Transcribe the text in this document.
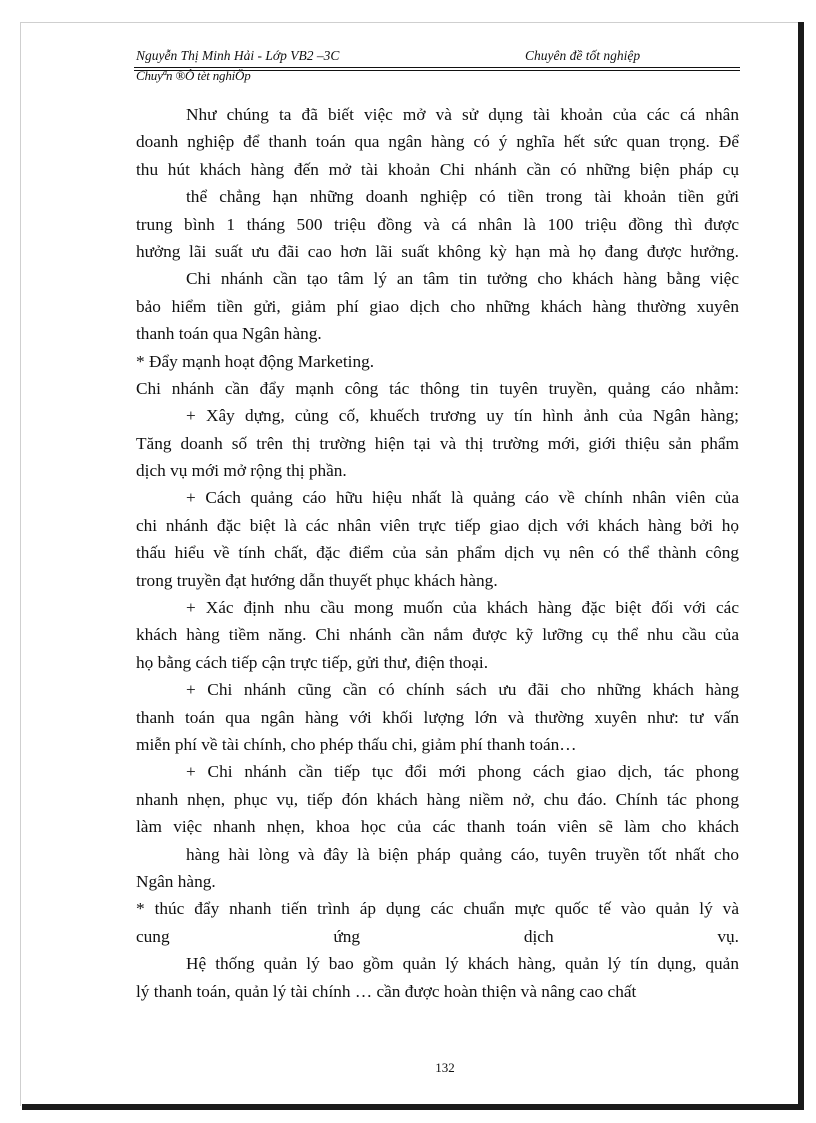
Nguyễn Thị Minh Hải - Lớp VB2 –3C	Chuyên đề tốt nghiệp
Chuyªn ®Ò tèt nghiÖp
Như chúng ta đã biết việc mở và sử dụng tài khoản của các cá nhân
doanh nghiệp để thanh toán qua ngân hàng có ý nghĩa hết sức quan trọng. Để
thu hút khách hàng đến mở tài khoản Chi nhánh cần có những biện pháp cụ
thể chẳng hạn những doanh nghiệp có tiền trong tài khoản tiền gửi
trung bình 1 tháng 500 triệu đồng và cá nhân là 100 triệu đồng thì được
hưởng lãi suất ưu đãi cao hơn lãi suất không kỳ hạn mà họ đang được hưởng.
Chi nhánh cần tạo tâm lý an tâm tin tưởng cho khách hàng bằng việc
bảo hiểm tiền gửi, giảm phí giao dịch cho những khách hàng thường xuyên
thanh toán qua Ngân hàng.
* Đẩy mạnh hoạt động Marketing.
Chi nhánh cần đẩy mạnh công tác thông tin tuyên truyền, quảng cáo nhằm:
+ Xây dựng, củng cố, khuếch trương uy tín hình ảnh của Ngân hàng;
Tăng doanh số trên thị trường hiện tại và thị trường mới, giới thiệu sản phẩm
dịch vụ mới mở rộng thị phần.
+ Cách quảng cáo hữu hiệu nhất là quảng cáo về chính nhân viên của
chi nhánh đặc biệt là các nhân viên trực tiếp giao dịch với khách hàng bởi họ
thấu hiểu về tính chất, đặc điểm của sản phẩm dịch vụ nên có thể thành công
trong truyền đạt hướng dẫn thuyết phục khách hàng.
+ Xác định nhu cầu mong muốn của khách hàng đặc biệt đối với các
khách hàng tiềm năng. Chi nhánh cần nắm được kỹ lưỡng cụ thể nhu cầu của
họ bằng cách tiếp cận trực tiếp, gửi thư, điện thoại.
+ Chi nhánh cũng cần có chính sách ưu đãi cho những khách hàng
thanh toán qua ngân hàng với khối lượng lớn và thường xuyên như: tư vấn
miễn phí về tài chính, cho phép thấu chi, giảm phí thanh toán…
+ Chi nhánh cần tiếp tục đổi mới phong cách giao dịch, tác phong
nhanh nhẹn, phục vụ, tiếp đón khách hàng niềm nở, chu đáo. Chính tác phong
làm việc nhanh nhẹn, khoa học của các thanh toán viên sẽ làm cho khách
hàng hài lòng và đây là biện pháp quảng cáo, tuyên truyền tốt nhất cho
Ngân hàng.
* thúc đẩy nhanh tiến trình áp dụng các chuẩn mực quốc tế vào quản lý và
cung ứng dịch vụ.
Hệ thống quản lý bao gồm quản lý khách hàng, quản lý tín dụng, quản
lý thanh toán, quản lý tài chính … cần được hoàn thiện và nâng cao chất
132
